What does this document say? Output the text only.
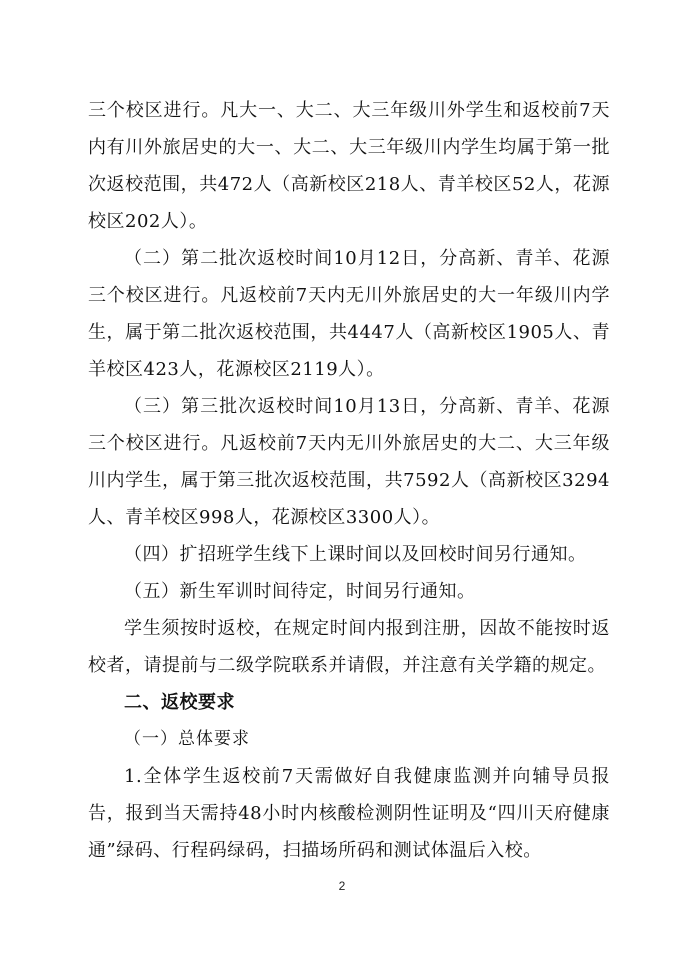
三个校区进行。凡大一、大二、大三年级川外学生和返校前7天内有川外旅居史的大一、大二、大三年级川内学生均属于第一批次返校范围，共472人（高新校区218人、青羊校区52人，花源校区202人）。

（二）第二批次返校时间10月12日，分高新、青羊、花源三个校区进行。凡返校前7天内无川外旅居史的大一年级川内学生，属于第二批次返校范围，共4447人（高新校区1905人、青羊校区423人，花源校区2119人）。

（三）第三批次返校时间10月13日，分高新、青羊、花源三个校区进行。凡返校前7天内无川外旅居史的大二、大三年级川内学生，属于第三批次返校范围，共7592人（高新校区3294人、青羊校区998人，花源校区3300人）。

（四）扩招班学生线下上课时间以及回校时间另行通知。

（五）新生军训时间待定，时间另行通知。

学生须按时返校，在规定时间内报到注册，因故不能按时返校者，请提前与二级学院联系并请假，并注意有关学籍的规定。

二、返校要求

（一）总体要求

1.全体学生返校前7天需做好自我健康监测并向辅导员报告，报到当天需持48小时内核酸检测阴性证明及“四川天府健康通”绿码、行程码绿码，扫描场所码和测试体温后入校。

2
